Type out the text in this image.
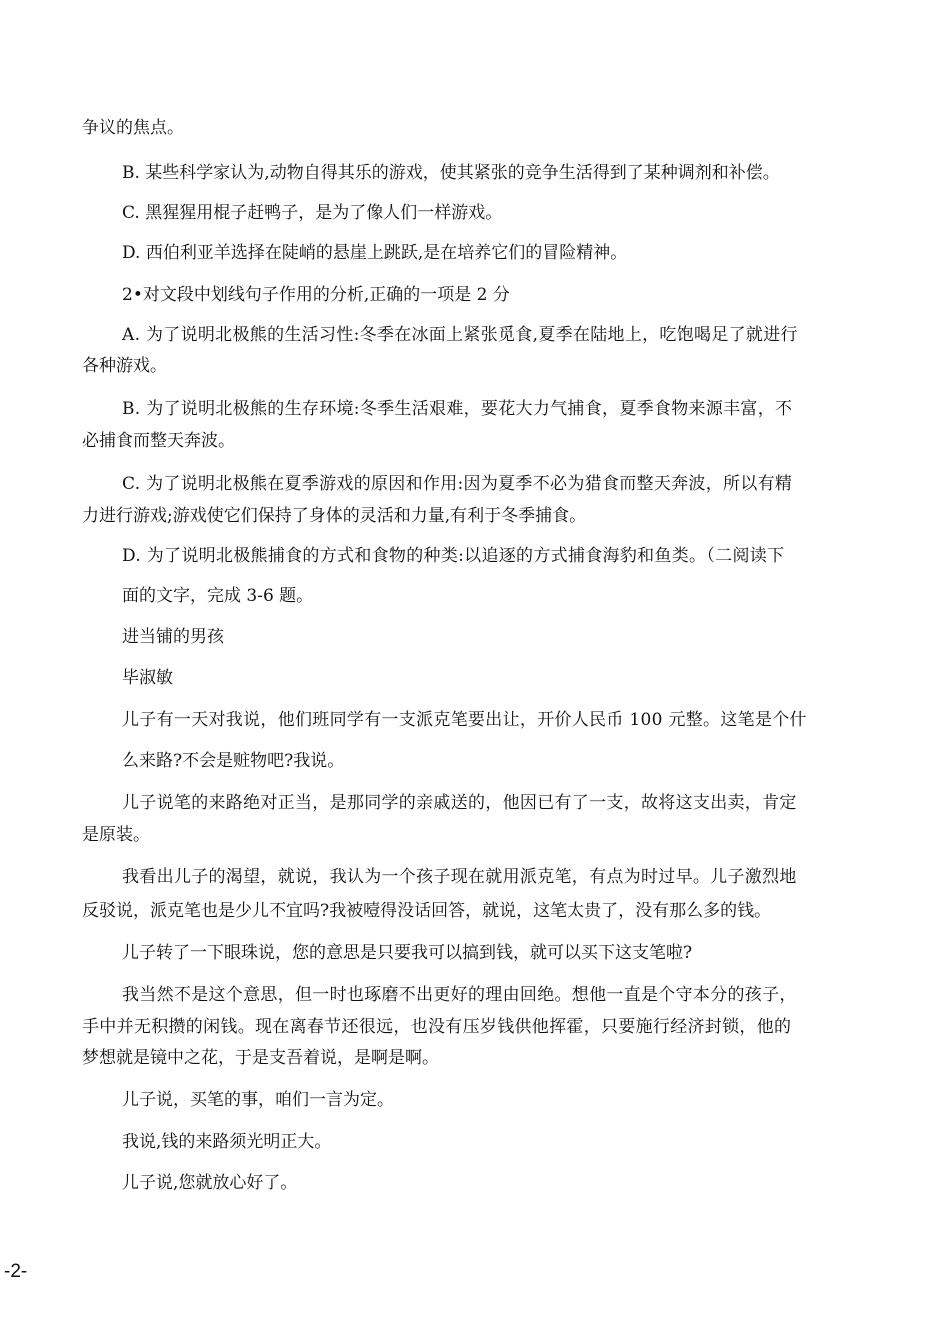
争议的焦点。

B. 某些科学家认为,动物自得其乐的游戏，使其紧张的竞争生活得到了某种调剂和补偿。

C. 黑猩猩用棍子赶鸭子，是为了像人们一样游戏。

D. 西伯利亚羊选择在陡峭的悬崖上跳跃,是在培养它们的冒险精神。

2•对文段中划线句子作用的分析,正确的一项是 2 分

A. 为了说明北极熊的生活习性:冬季在冰面上紧张觅食,夏季在陆地上，吃饱喝足了就进行

各种游戏。

B. 为了说明北极熊的生存环境:冬季生活艰难，要花大力气捕食，夏季食物来源丰富，不

必捕食而整天奔波。

C. 为了说明北极熊在夏季游戏的原因和作用:因为夏季不必为猎食而整天奔波，所以有精

力进行游戏;游戏使它们保持了身体的灵活和力量,有利于冬季捕食。

D. 为了说明北极熊捕食的方式和食物的种类:以追逐的方式捕食海豹和鱼类。（二阅读下

面的文字，完成 3-6 题。

进当铺的男孩

毕淑敏

儿子有一天对我说，他们班同学有一支派克笔要出让，开价人民币 100 元整。这笔是个什

么来路?不会是赃物吧?我说。

儿子说笔的来路绝对正当，是那同学的亲戚送的，他因已有了一支，故将这支出卖，肯定

是原装。

我看出儿子的渴望，就说，我认为一个孩子现在就用派克笔，有点为时过早。儿子激烈地

反驳说，派克笔也是少儿不宜吗?我被噎得没话回答，就说，这笔太贵了，没有那么多的钱。

儿子转了一下眼珠说，您的意思是只要我可以搞到钱，就可以买下这支笔啦?

我当然不是这个意思，但一时也琢磨不出更好的理由回绝。想他一直是个守本分的孩子，

手中并无积攒的闲钱。现在离春节还很远，也没有压岁钱供他挥霍，只要施行经济封锁，他的

梦想就是镜中之花，于是支吾着说，是啊是啊。

儿子说，买笔的事，咱们一言为定。

我说,钱的来路须光明正大。

儿子说,您就放心好了。

-2-
